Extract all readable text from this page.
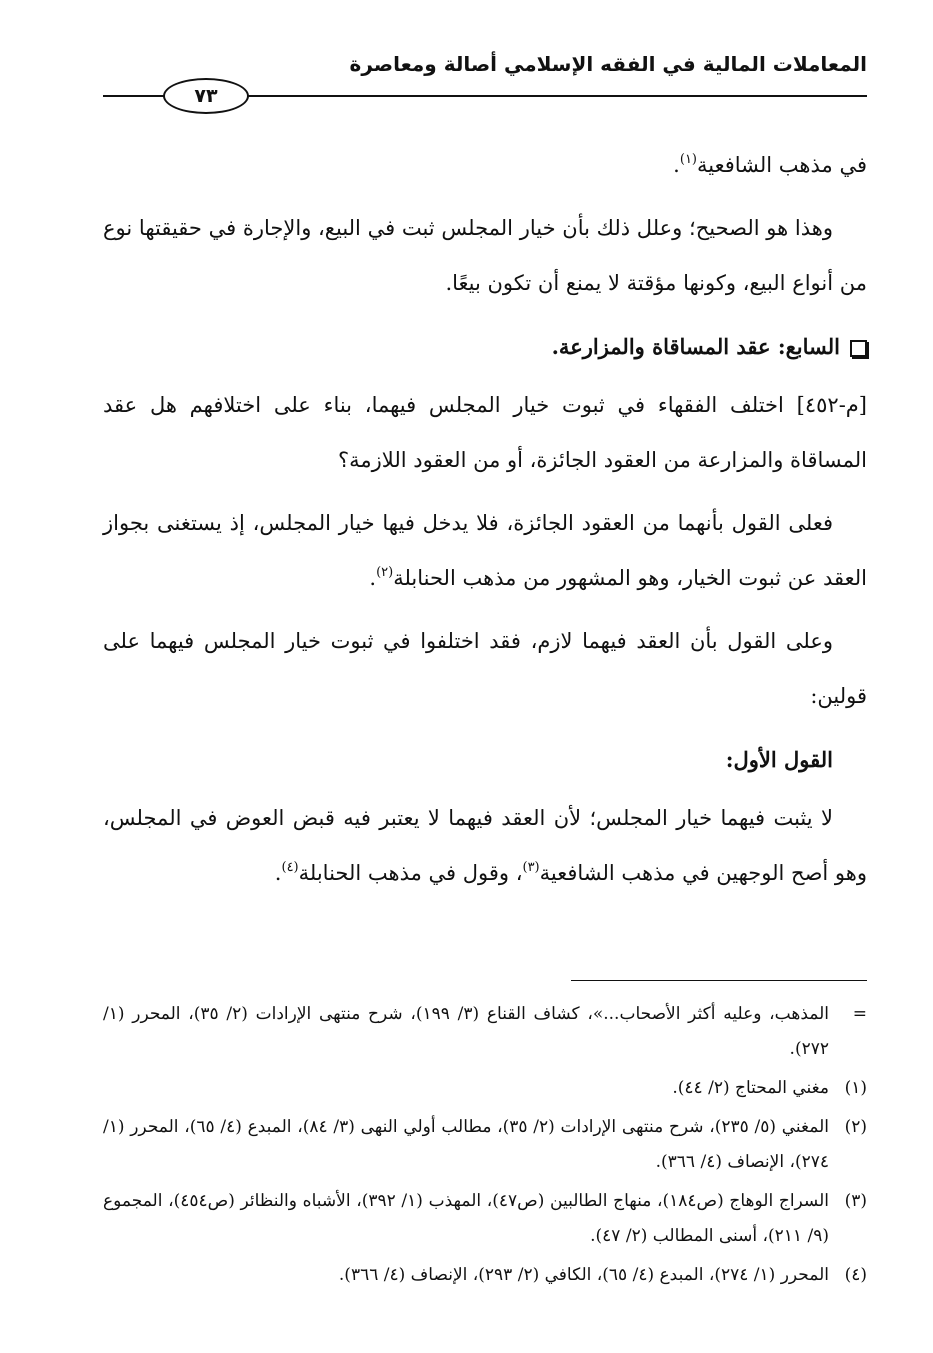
المعاملات المالية في الفقه الإسلامي أصالة ومعاصرة
٧٣

في مذهب الشافعية$^{(١)}$.

وهذا هو الصحيح؛ وعلل ذلك بأن خيار المجلس ثبت في البيع، والإجارة في حقيقتها نوع من أنواع البيع، وكونها مؤقتة لا يمنع أن تكون بيعًا.

السابع: عقد المساقاة والمزارعة.

[م-٤٥٢] اختلف الفقهاء في ثبوت خيار المجلس فيهما، بناء على اختلافهم هل عقد المساقاة والمزارعة من العقود الجائزة، أو من العقود اللازمة؟

فعلى القول بأنهما من العقود الجائزة، فلا يدخل فيها خيار المجلس، إذ يستغنى بجواز العقد عن ثبوت الخيار، وهو المشهور من مذهب الحنابلة$^{(٢)}$.

وعلى القول بأن العقد فيهما لازم، فقد اختلفوا في ثبوت خيار المجلس فيهما على قولين:

القول الأول:

لا يثبت فيهما خيار المجلس؛ لأن العقد فيهما لا يعتبر فيه قبض العوض في المجلس، وهو أصح الوجهين في مذهب الشافعية$^{(٣)}$، وقول في مذهب الحنابلة$^{(٤)}$.

=
المذهب، وعليه أكثر الأصحاب...»، كشاف القناع (٣/ ١٩٩)، شرح منتهى الإرادات (٢/ ٣٥)، المحرر (١/ ٢٧٢).
(١)
مغني المحتاج (٢/ ٤٤).
(٢)
المغني (٥/ ٢٣٥)، شرح منتهى الإرادات (٢/ ٣٥)، مطالب أولي النهى (٣/ ٨٤)، المبدع (٤/ ٦٥)، المحرر (١/ ٢٧٤)، الإنصاف (٤/ ٣٦٦).
(٣)
السراج الوهاج (ص١٨٤)، منهاج الطالبين (ص٤٧)، المهذب (١/ ٣٩٢)، الأشباه والنظائر (ص٤٥٤)، المجموع (٩/ ٢١١)، أسنى المطالب (٢/ ٤٧).
(٤)
المحرر (١/ ٢٧٤)، المبدع (٤/ ٦٥)، الكافي (٢/ ٢٩٣)، الإنصاف (٤/ ٣٦٦).
